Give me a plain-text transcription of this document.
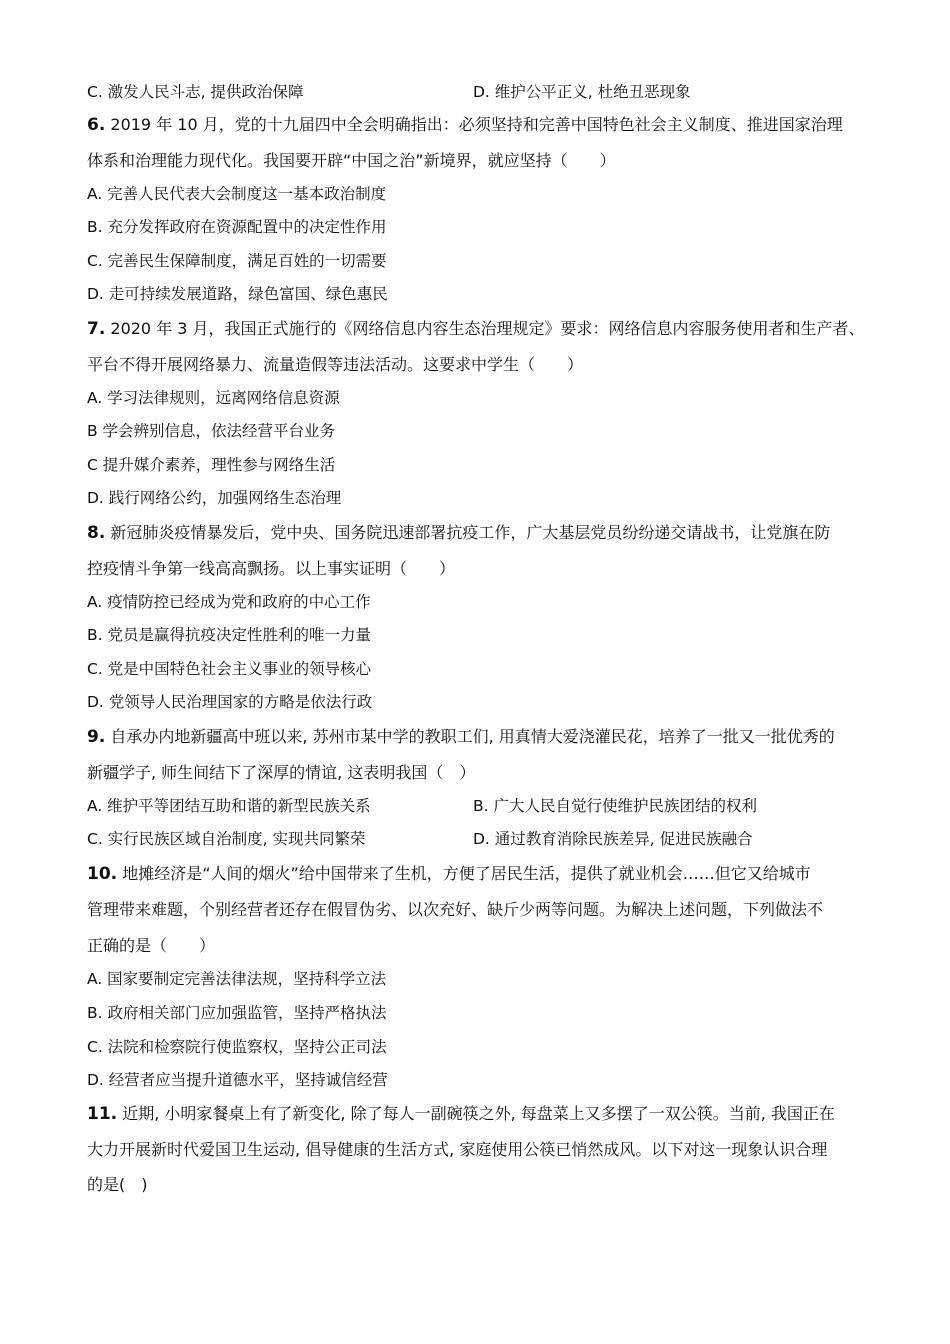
C. 激发人民斗志, 提供政治保障	D. 维护公平正义, 杜绝丑恶现象
6. 2019 年 10 月，党的十九届四中全会明确指出：必须坚持和完善中国特色社会主义制度、推进国家治理
体系和治理能力现代化。我国要开辟“中国之治”新境界，就应坚持（　　）
A. 完善人民代表大会制度这一基本政治制度
B. 充分发挥政府在资源配置中的决定性作用
C. 完善民生保障制度，满足百姓的一切需要
D. 走可持续发展道路，绿色富国、绿色惠民
7. 2020 年 3 月，我国正式施行的《网络信息内容生态治理规定》要求：网络信息内容服务使用者和生产者、
平台不得开展网络暴力、流量造假等违法活动。这要求中学生（　　）
A. 学习法律规则，远离网络信息资源
B 学会辨别信息，依法经营平台业务
C 提升媒介素养，理性参与网络生活
D. 践行网络公约，加强网络生态治理
8. 新冠肺炎疫情暴发后，党中央、国务院迅速部署抗疫工作，广大基层党员纷纷递交请战书，让党旗在防
控疫情斗争第一线高高飘扬。以上事实证明（　　）
A. 疫情防控已经成为党和政府的中心工作
B. 党员是赢得抗疫决定性胜利的唯一力量
C. 党是中国特色社会主义事业的领导核心
D. 党领导人民治理国家的方略是依法行政
9. 自承办内地新疆高中班以来, 苏州市某中学的教职工们, 用真情大爱浇灌民花，培养了一批又一批优秀的
新疆学子, 师生间结下了深厚的情谊, 这表明我国（　）
A. 维护平等团结互助和谐的新型民族关系	B. 广大人民自觉行使维护民族团结的权利
C. 实行民族区域自治制度, 实现共同繁荣	D. 通过教育消除民族差异, 促进民族融合
10. 地摊经济是“人间的烟火”给中国带来了生机，方便了居民生活，提供了就业机会……但它又给城市
管理带来难题，个别经营者还存在假冒伪劣、以次充好、缺斤少两等问题。为解决上述问题，下列做法不
正确的是（　　）
A. 国家要制定完善法律法规，坚持科学立法
B. 政府相关部门应加强监管，坚持严格执法
C. 法院和检察院行使监察权，坚持公正司法
D. 经营者应当提升道德水平，坚持诚信经营
11. 近期, 小明家餐桌上有了新变化, 除了每人一副碗筷之外, 每盘菜上又多摆了一双公筷。当前, 我国正在
大力开展新时代爱国卫生运动, 倡导健康的生活方式, 家庭使用公筷已悄然成风。以下对这一现象认识合理
的是(　)
